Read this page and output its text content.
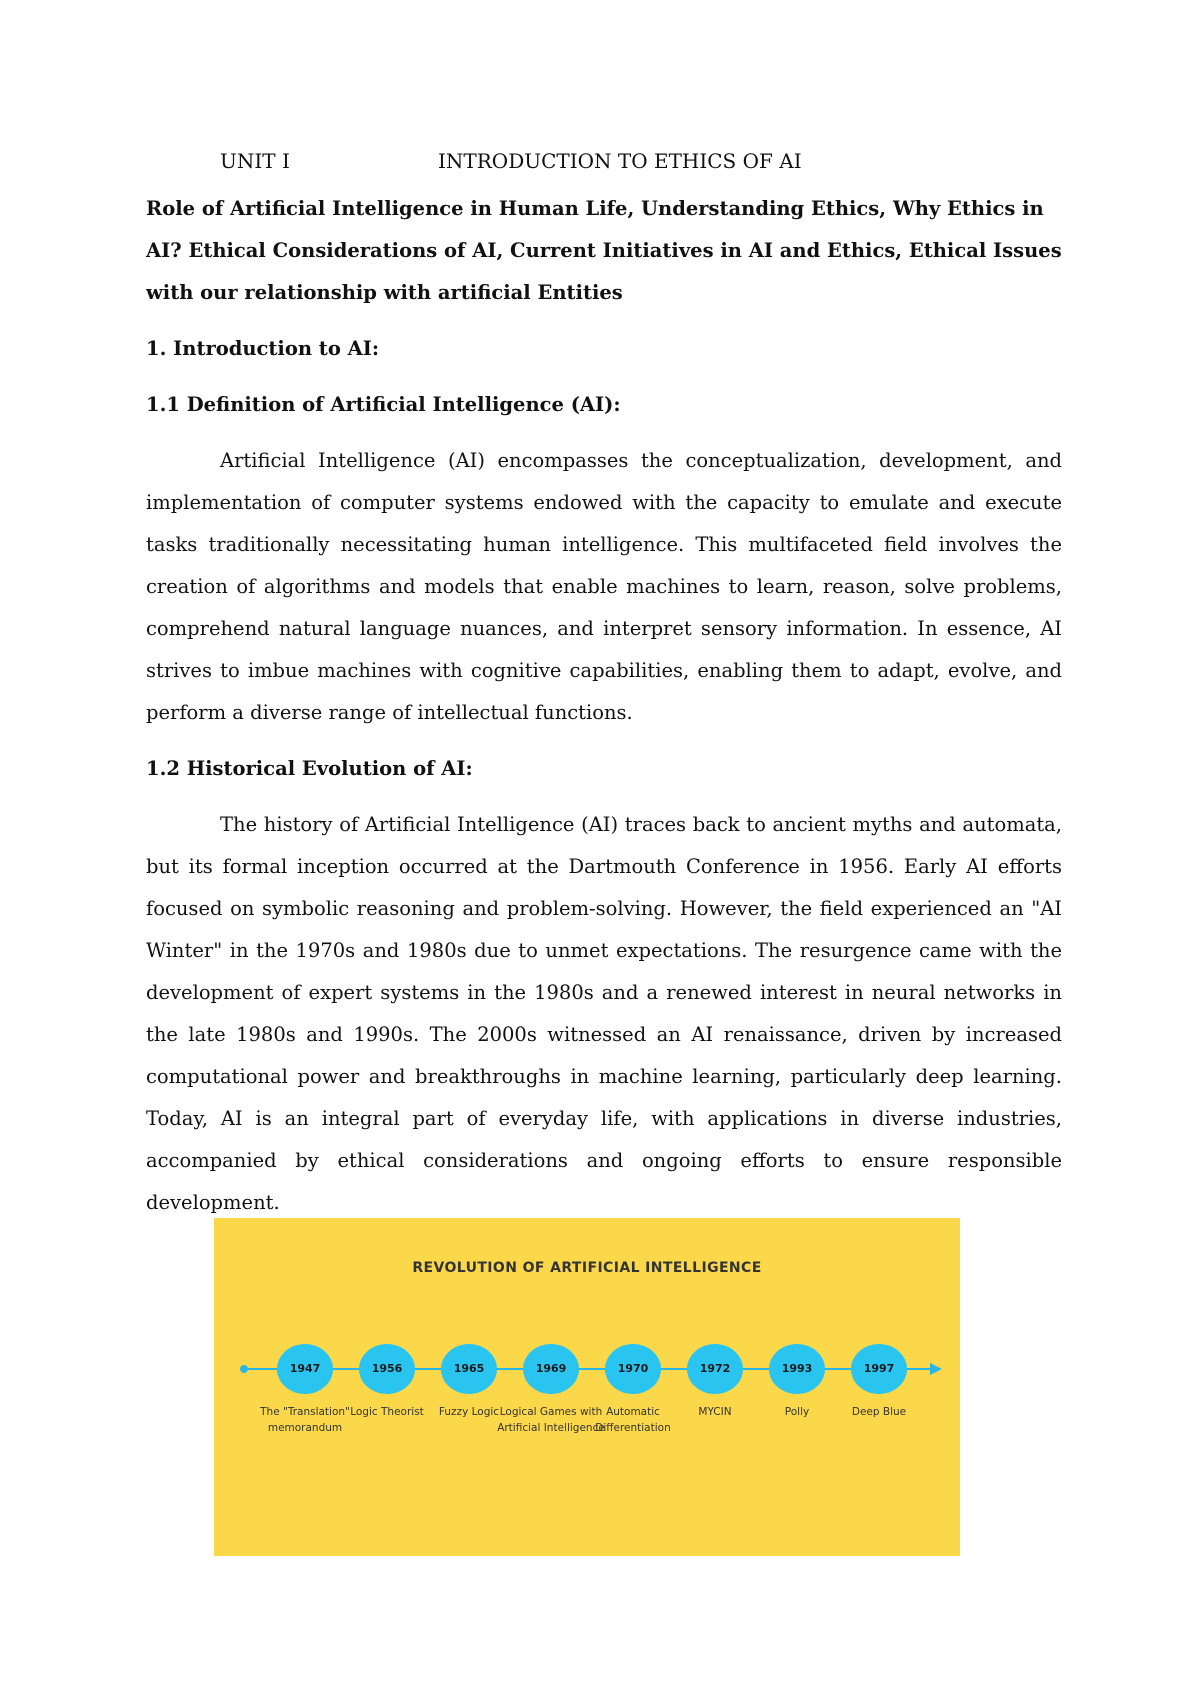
UNIT I	INTRODUCTION TO ETHICS OF AI

Role of Artificial Intelligence in Human Life, Understanding Ethics, Why Ethics in AI? Ethical Considerations of AI, Current Initiatives in AI and Ethics, Ethical Issues with our relationship with artificial Entities

1. Introduction to AI:

1.1 Definition of Artificial Intelligence (AI):

Artificial Intelligence (AI) encompasses the conceptualization, development, and implementation of computer systems endowed with the capacity to emulate and execute tasks traditionally necessitating human intelligence. This multifaceted field involves the creation of algorithms and models that enable machines to learn, reason, solve problems, comprehend natural language nuances, and interpret sensory information. In essence, AI strives to imbue machines with cognitive capabilities, enabling them to adapt, evolve, and perform a diverse range of intellectual functions.

1.2 Historical Evolution of AI:

The history of Artificial Intelligence (AI) traces back to ancient myths and automata, but its formal inception occurred at the Dartmouth Conference in 1956. Early AI efforts focused on symbolic reasoning and problem-solving. However, the field experienced an "AI Winter" in the 1970s and 1980s due to unmet expectations. The resurgence came with the development of expert systems in the 1980s and a renewed interest in neural networks in the late 1980s and 1990s. The 2000s witnessed an AI renaissance, driven by increased computational power and breakthroughs in machine learning, particularly deep learning. Today, AI is an integral part of everyday life, with applications in diverse industries, accompanied by ethical considerations and ongoing efforts to ensure responsible development.

REVOLUTION OF ARTIFICIAL INTELLIGENCE
1947
The "Translation" memorandum
1956
Logic Theorist
1965
Fuzzy Logic
1969
Logical Games with Artificial Intelligence
1970
Automatic Differentiation
1972
MYCIN
1993
Polly
1997
Deep Blue
